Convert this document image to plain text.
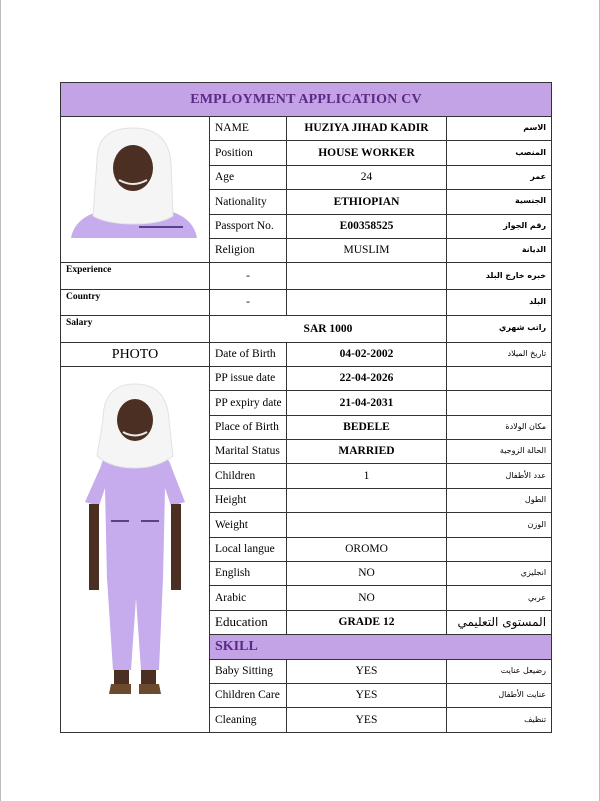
EMPLOYMENT APPLICATION CV			

	NAME	HUZIYA JIHAD KADIR	الاسم
	Position	HOUSE WORKER	المنصب
	Age	24	عمر
	Nationality	ETHIOPIAN	الجنسية
	Passport No.	E00358525	رقم الجواز
	Religion	MUSLIM	الديانة
Experience	-		خبره خارج البلد
Country	-		البلد
Salary	SAR 1000		راتب شهري
PHOTO	Date of Birth	04-02-2002	تاريخ الميلاد

	PP issue date	22-04-2026	
	PP expiry date	21-04-2031	
	Place of Birth	BEDELE	مكان الولادة
	Marital Status	MARRIED	الحالة الزوجية
	Children	1	عدد الأطفال
	Height		الطول
	Weight		الوزن
	Local langue	OROMO	
	English	NO	انجليزي
	Arabic	NO	عربي
	Education	GRADE 12	المستوى التعليمي
	SKILL		
	Baby Sitting	YES	رضيعل عنايت
	Children Care	YES	عنايت الأطفال
	Cleaning	YES	تنظيف
